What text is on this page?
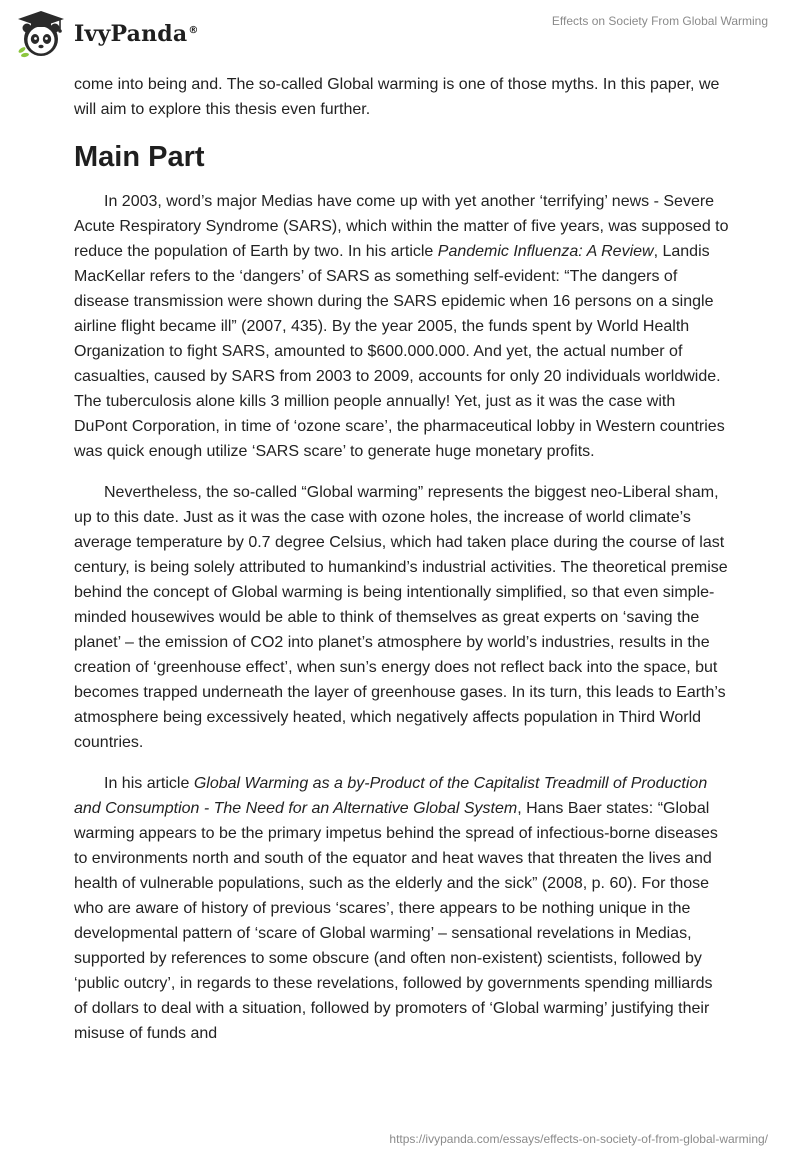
IvyPanda®
Effects on Society From Global Warming

come into being and. The so-called Global warming is one of those myths. In this paper, we will aim to explore this thesis even further.

Main Part

In 2003, word’s major Medias have come up with yet another ‘terrifying’ news - Severe Acute Respiratory Syndrome (SARS), which within the matter of five years, was supposed to reduce the population of Earth by two. In his article Pandemic Influenza: A Review, Landis MacKellar refers to the ‘dangers’ of SARS as something self-evident: “The dangers of disease transmission were shown during the SARS epidemic when 16 persons on a single airline flight became ill” (2007, 435). By the year 2005, the funds spent by World Health Organization to fight SARS, amounted to $600.000.000. And yet, the actual number of casualties, caused by SARS from 2003 to 2009, accounts for only 20 individuals worldwide. The tuberculosis alone kills 3 million people annually! Yet, just as it was the case with DuPont Corporation, in time of ‘ozone scare’, the pharmaceutical lobby in Western countries was quick enough utilize ‘SARS scare’ to generate huge monetary profits.

Nevertheless, the so-called “Global warming” represents the biggest neo-Liberal sham, up to this date. Just as it was the case with ozone holes, the increase of world climate’s average temperature by 0.7 degree Celsius, which had taken place during the course of last century, is being solely attributed to humankind’s industrial activities. The theoretical premise behind the concept of Global warming is being intentionally simplified, so that even simple-minded housewives would be able to think of themselves as great experts on ‘saving the planet’ – the emission of CO2 into planet’s atmosphere by world’s industries, results in the creation of ‘greenhouse effect’, when sun’s energy does not reflect back into the space, but becomes trapped underneath the layer of greenhouse gases. In its turn, this leads to Earth’s atmosphere being excessively heated, which negatively affects population in Third World countries.

In his article Global Warming as a by-Product of the Capitalist Treadmill of Production and Consumption - The Need for an Alternative Global System, Hans Baer states: “Global warming appears to be the primary impetus behind the spread of infectious-borne diseases to environments north and south of the equator and heat waves that threaten the lives and health of vulnerable populations, such as the elderly and the sick” (2008, p. 60). For those who are aware of history of previous ‘scares’, there appears to be nothing unique in the developmental pattern of ‘scare of Global warming’ – sensational revelations in Medias, supported by references to some obscure (and often non-existent) scientists, followed by ‘public outcry’, in regards to these revelations, followed by governments spending milliards of dollars to deal with a situation, followed by promoters of ‘Global warming’ justifying their misuse of funds and

https://ivypanda.com/essays/effects-on-society-of-from-global-warming/
